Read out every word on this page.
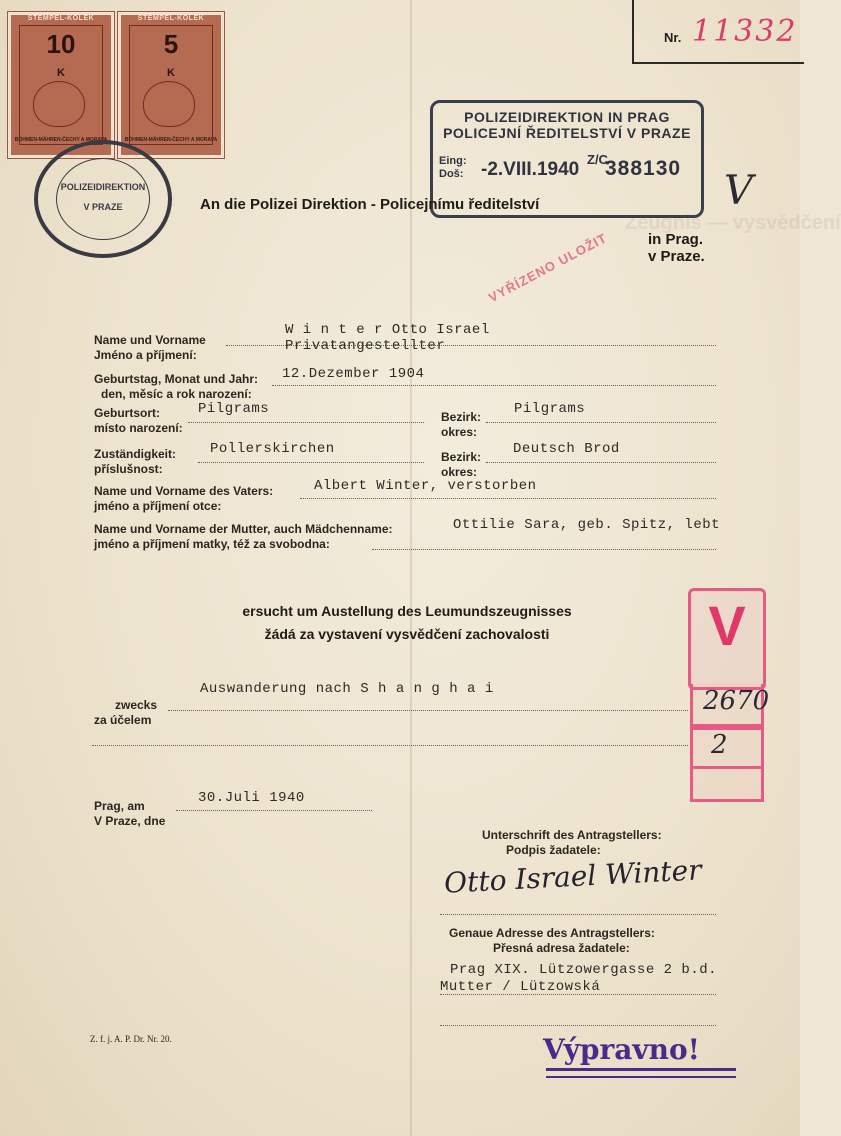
Zeugnis — vysvědčení
Nr. 11332
STEMPEL-KOLEK
10
K
BÖHMEN-MÄHREN-ČECHY A MORAVA
STEMPEL-KOLEK
5
K
BÖHMEN-MÄHREN-ČECHY A MORAVA
POLIZEIDIREKTION
V PRAZE
POLIZEIDIREKTION IN PRAG
POLICEJNÍ ŘEDITELSTVÍ V PRAZE
Eing:
Doš: -2.VIII.1940 Z/C
388130 V
VYŘÍZENO ULOŽIT
An die Polizei Direktion - Policejnímu ředitelství
in Prag.
v Praze.
Name und Vorname
Jméno a příjmení:
W i n t e r Otto Israel
Privatangestellter
Geburtstag, Monat und Jahr:
den, měsíc a rok narození:
12.Dezember 1904
Geburtsort:
místo narození:
Pilgrams	Bezirk:
okres:
Pilgrams
Zuständigkeit:
příslušnost:
Pollerskirchen	Bezirk:
okres:
Deutsch Brod
Name und Vorname des Vaters:
jméno a příjmení otce:
Albert Winter, verstorben
Name und Vorname der Mutter, auch Mädchenname:
jméno a příjmení matky, též za svobodna:
Ottilie Sara, geb. Spitz, lebt
ersucht um Austellung des Leumundszeugnisses
žádá za vystavení vysvědčení zachovalosti
zwecks
za účelem
Auswanderung nach S h a n g h a i
V
2670
2
Prag, am
V Praze, dne
30.Juli 1940
Unterschrift des Antragstellers:
Podpis žadatele:
Otto Israel Winter
Genaue Adresse des Antragstellers:
Přesná adresa žadatele:
Prag XIX. Lützowergasse 2 b.d.
Mutter / Lützowská
Z. f. j. A. P. Dr. Nr. 20.	Výpravno!
